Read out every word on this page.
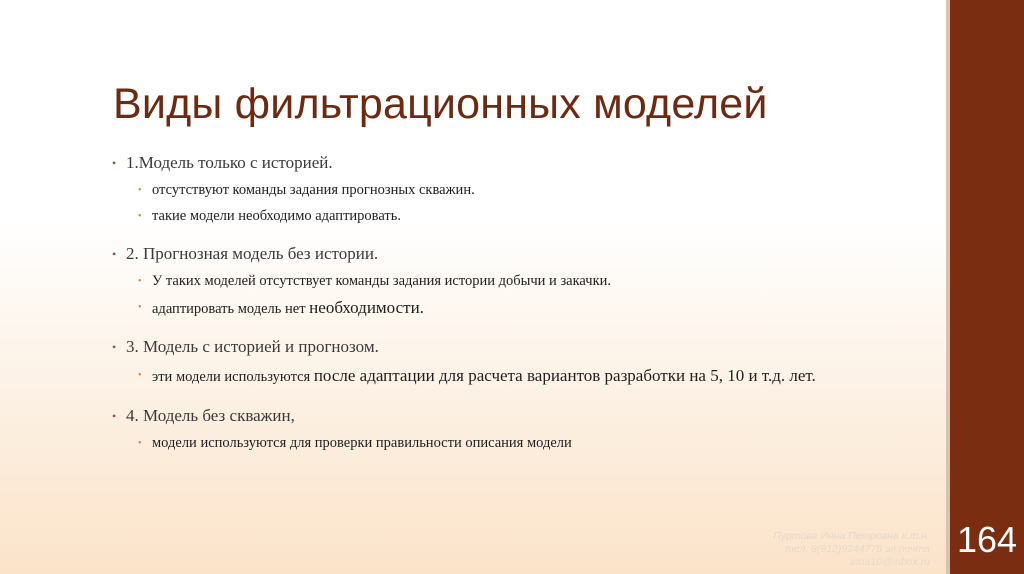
164
Виды фильтрационных моделей
• 1.Модель только с историей.
• отсутствуют команды задания прогнозных скважин.
• такие модели необходимо адаптировать.
• 2. Прогнозная модель без истории.
• У таких моделей отсутствует команды задания истории добычи и закачки.
• адаптировать модель нет необходимости.
• 3. Модель с историей и прогнозом.
• эти модели используются после адаптации для расчета вариантов разработки на 5, 10 и т.д. лет.
• 4. Модель без скважин,
• модели используются для проверки правильности описания модели
Пуртова Инна Петровна к.т.н.
тел. 8(912)9244778 эл.почта
inna10@inbox.ru
